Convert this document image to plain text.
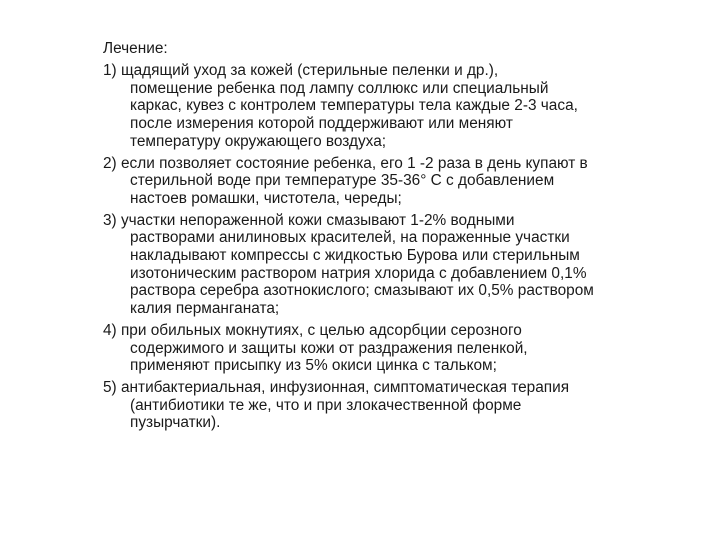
Лечение:
1) щадящий уход за кожей (стерильные пеленки и др.),
помещение ребенка под лампу соллюкс или специальный
каркас, кувез с контролем температуры тела каждые 2-3 часа,
после измерения которой поддерживают или меняют
температуру окружающего воздуха;
2) если позволяет состояние ребенка, его 1 -2 раза в день купают в
стерильной воде при температуре 35-36° С с добавлением
настоев ромашки, чистотела, череды;
3) участки непораженной кожи смазывают 1-2% водными
растворами анилиновых красителей, на пораженные участки
накладывают компрессы с жидкостью Бурова или стерильным
изотоническим раствором натрия хлорида с добавлением 0,1%
раствора серебра азотнокислого; смазывают их 0,5% раствором
калия перманганата;
4) при обильных мокнутиях, с целью адсорбции серозного
содержимого и защиты кожи от раздражения пеленкой,
применяют присыпку из 5% окиси цинка с тальком;
5) антибактериальная, инфузионная, симптоматическая терапия
(антибиотики те же, что и при злокачественной форме
пузырчатки).
